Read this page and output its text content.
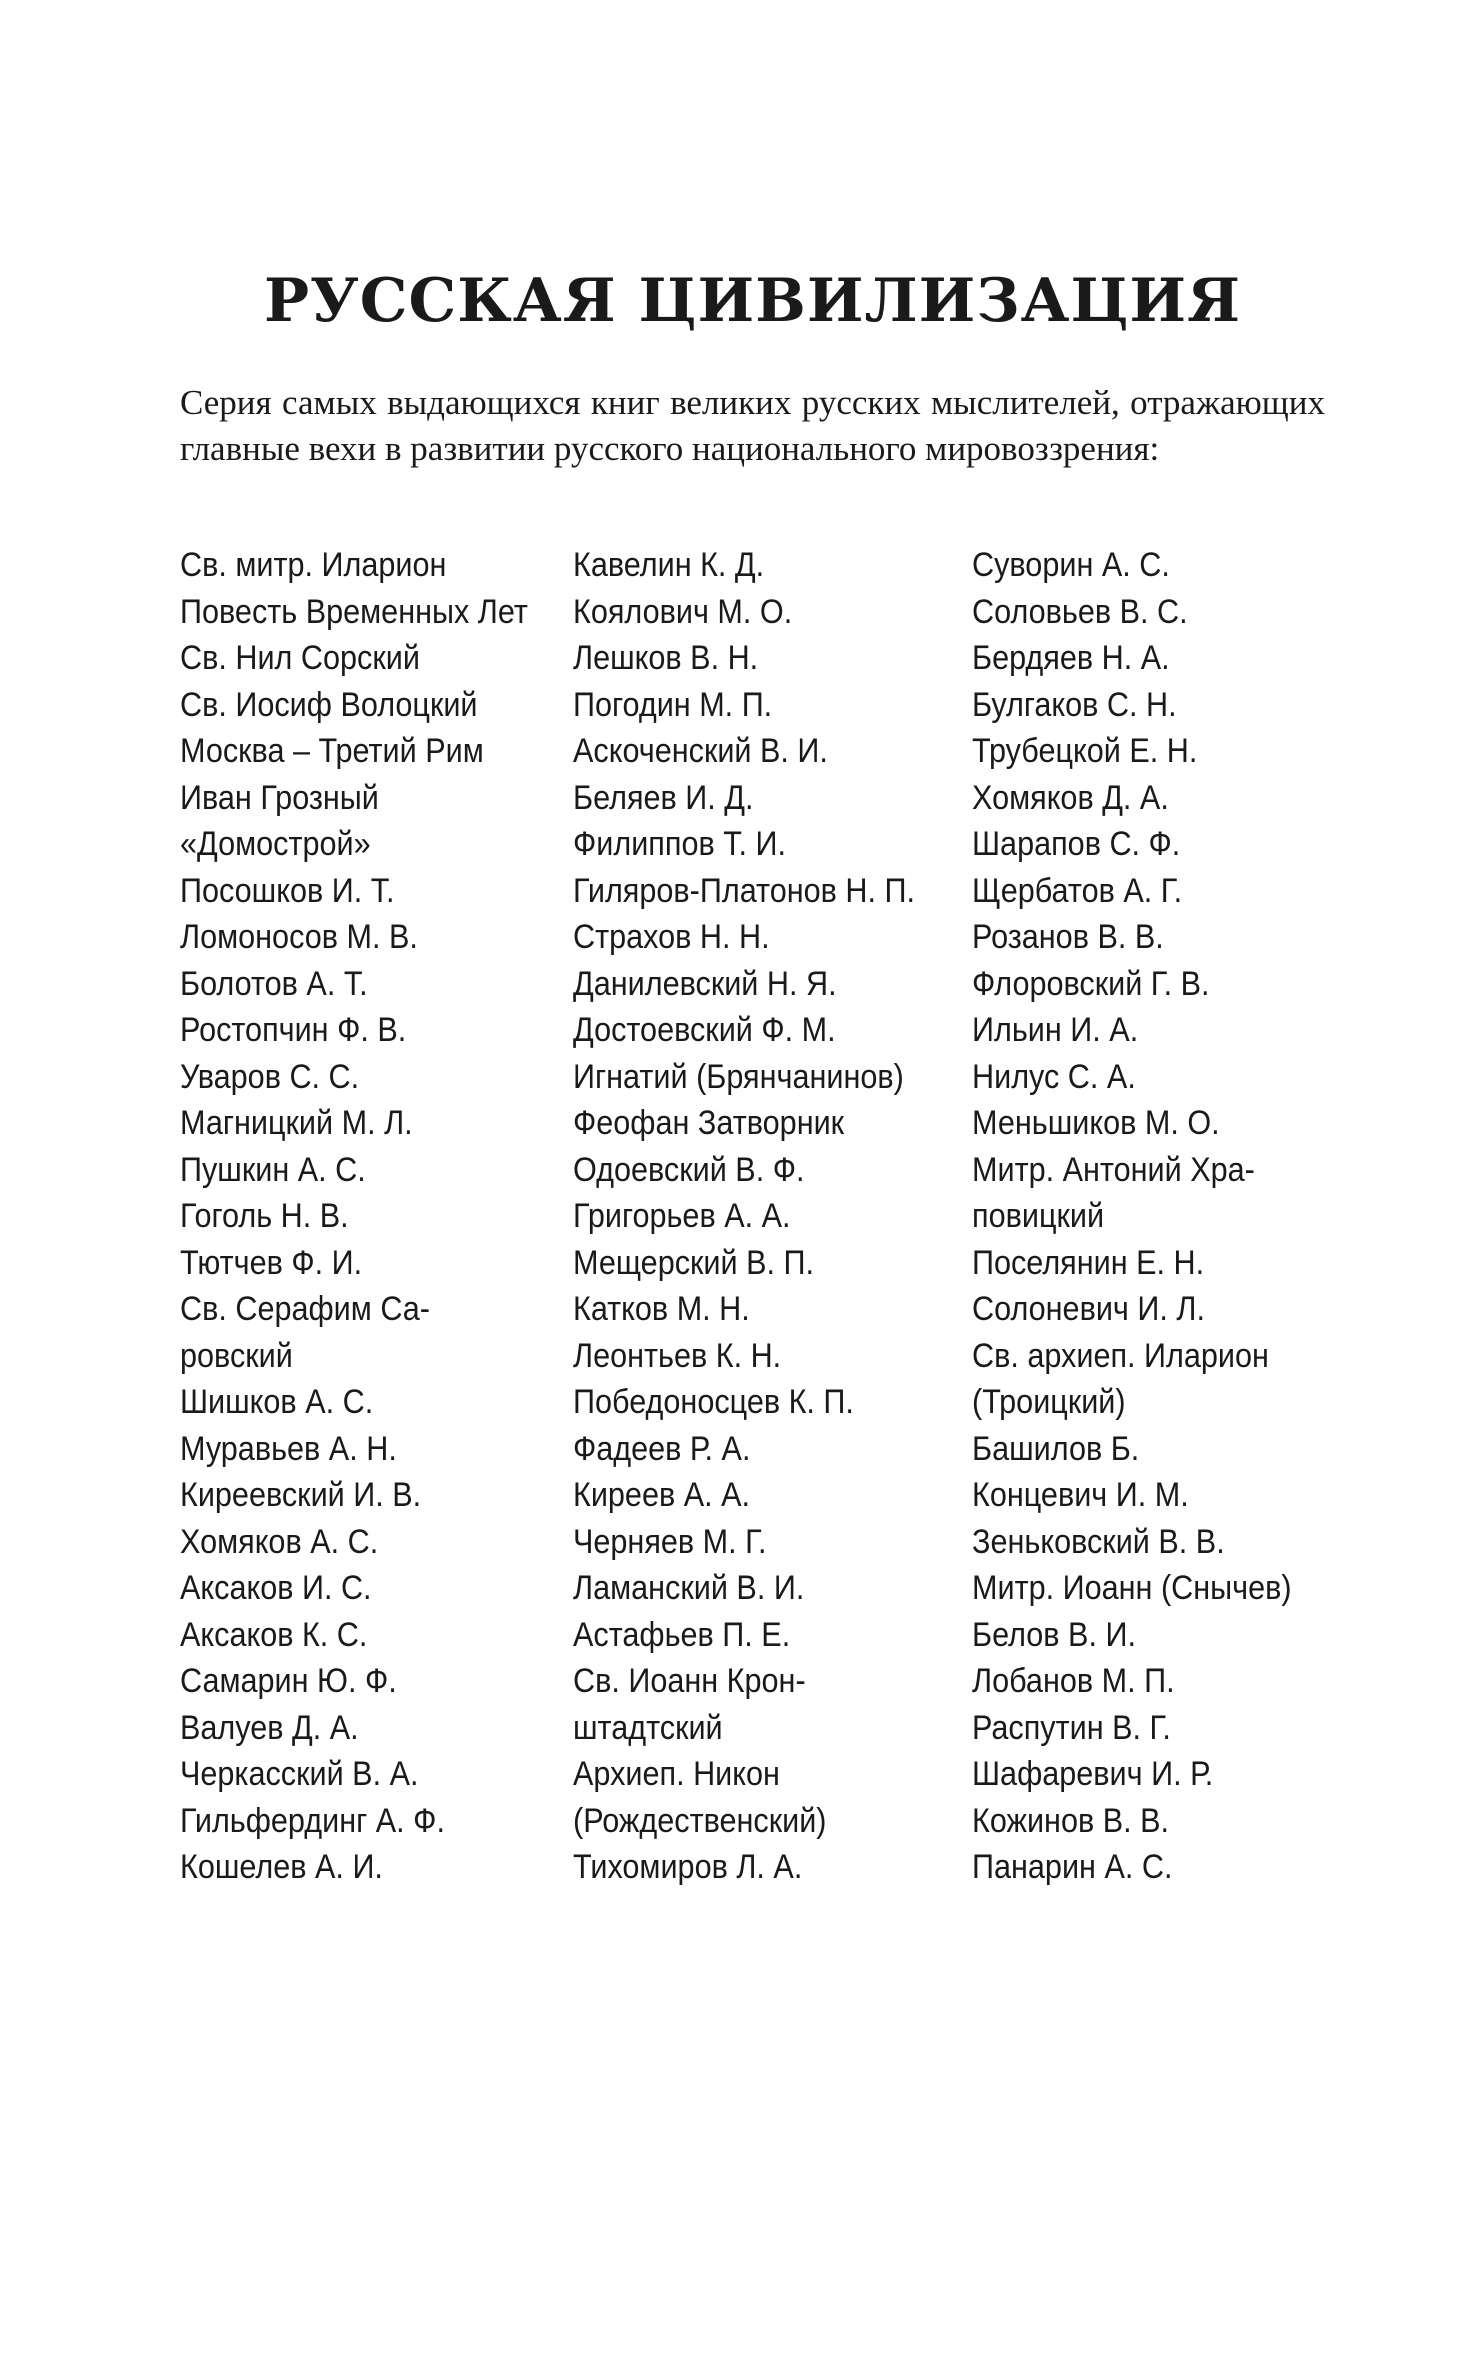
РУССКАЯ ЦИВИЛИЗАЦИЯ

Серия самых выдающихся книг великих русских мыслителей, отражающих главные вехи в развитии русского национального мировоззрения:

Св. митр. Иларион
Повесть Временных Лет
Св. Нил Сорский
Св. Иосиф Волоцкий
Москва – Третий Рим
Иван Грозный
«Домострой»
Посошков И. Т.
Ломоносов М. В.
Болотов А. Т.
Ростопчин Ф. В.
Уваров С. С.
Магницкий М. Л.
Пушкин А. С.
Гоголь Н. В.
Тютчев Ф. И.
Св. Серафим Са-
ровский
Шишков А. С.
Муравьев А. Н.
Киреевский И. В.
Хомяков А. С.
Аксаков И. С.
Аксаков К. С.
Самарин Ю. Ф.
Валуев Д. А.
Черкасский В. А.
Гильфердинг А. Ф.
Кошелев А. И.
Кавелин К. Д.
Коялович М. О.
Лешков В. Н.
Погодин М. П.
Аскоченский В. И.
Беляев И. Д.
Филиппов Т. И.
Гиляров-Платонов Н. П.
Страхов Н. Н.
Данилевский Н. Я.
Достоевский Ф. М.
Игнатий (Брянчанинов)
Феофан Затворник
Одоевский В. Ф.
Григорьев А. А.
Мещерский В. П.
Катков М. Н.
Леонтьев К. Н.
Победоносцев К. П.
Фадеев Р. А.
Киреев А. А.
Черняев М. Г.
Ламанский В. И.
Астафьев П. Е.
Св. Иоанн Крон-
штадтский
Архиеп. Никон
(Рождественский)
Тихомиров Л. А.
Суворин А. С.
Соловьев В. С.
Бердяев Н. А.
Булгаков С. Н.
Трубецкой Е. Н.
Хомяков Д. А.
Шарапов С. Ф.
Щербатов А. Г.
Розанов В. В.
Флоровский Г. В.
Ильин И. А.
Нилус С. А.
Меньшиков М. О.
Митр. Антоний Хра-
повицкий
Поселянин Е. Н.
Солоневич И. Л.
Св. архиеп. Иларион
(Троицкий)
Башилов Б.
Концевич И. М.
Зеньковский В. В.
Митр. Иоанн (Снычев)
Белов В. И.
Лобанов М. П.
Распутин В. Г.
Шафаревич И. Р.
Кожинов В. В.
Панарин А. С.
